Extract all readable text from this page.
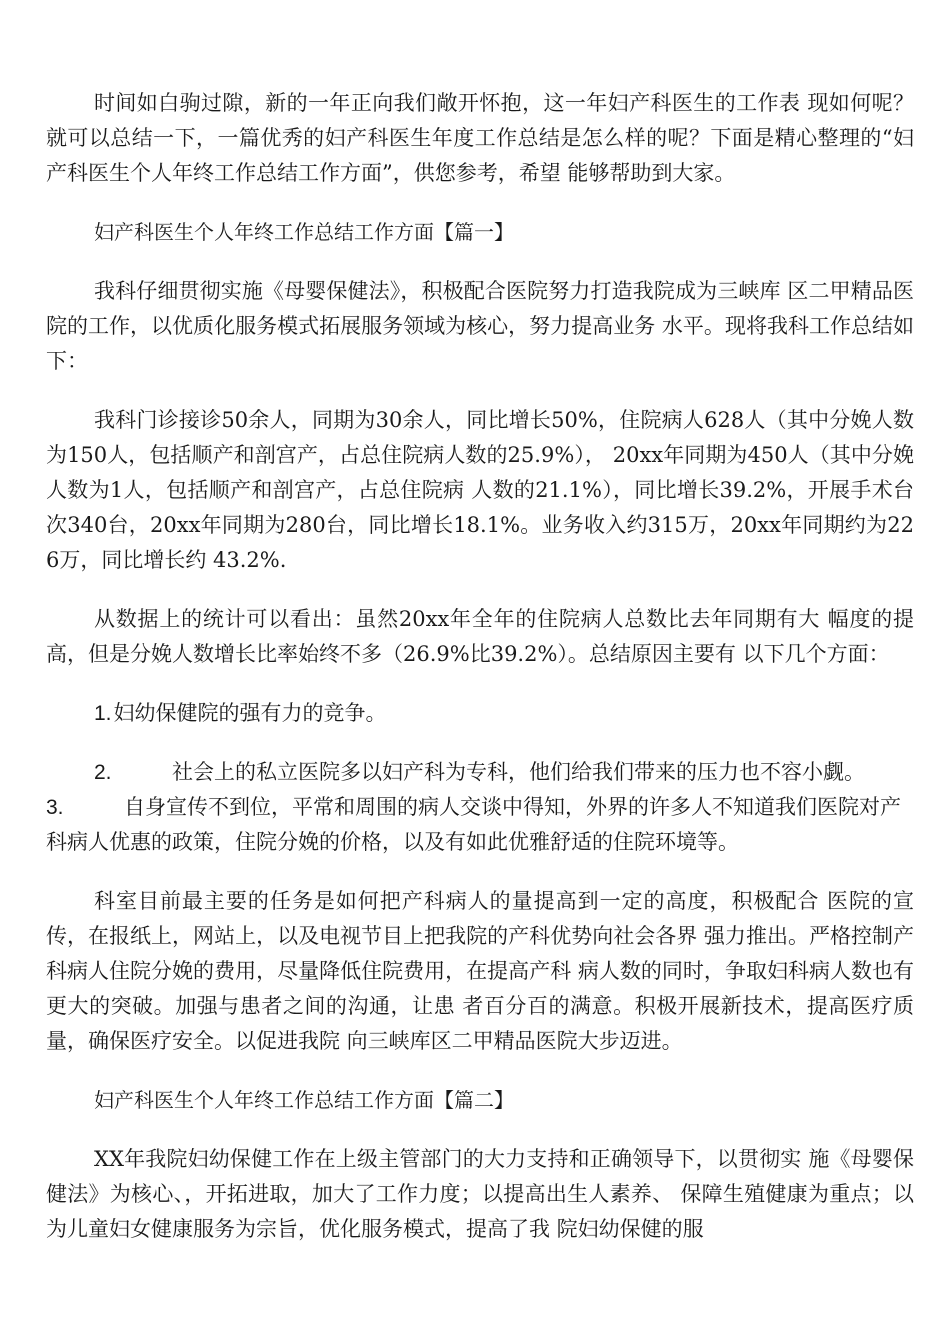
时间如白驹过隙，新的一年正向我们敞开怀抱，这一年妇产科医生的工作表 现如何呢？就可以总结一下，一篇优秀的妇产科医生年度工作总结是怎么样的呢？下面是精心整理的“妇产科医生个人年终工作总结工作方面”，供您参考，希望 能够帮助到大家。

妇产科医生个人年终工作总结工作方面【篇一】

我科仔细贯彻实施《母婴保健法》，积极配合医院努力打造我院成为三峡库 区二甲精品医院的工作，以优质化服务模式拓展服务领域为核心，努力提高业务 水平。现将我科工作总结如下：

我科门诊接诊50余人，同期为30余人，同比增长50%，住院病人628人（其中分娩人数为150人，包括顺产和剖宫产，占总住院病人数的25.9%）， 20xx年同期为450人（其中分娩人数为1人，包括顺产和剖宫产，占总住院病 人数的21.1%），同比增长39.2%，开展手术台次340台，20xx年同期为280台，同比增长18.1%。业务收入约315万，20xx年同期约为226万，同比增长约 43.2%.

从数据上的统计可以看出：虽然20xx年全年的住院病人总数比去年同期有大 幅度的提高，但是分娩人数增长比率始终不多（26.9%比39.2%）。总结原因主要有 以下几个方面：

1.妇幼保健院的强有力的竞争。

2.	社会上的私立医院多以妇产科为专科，他们给我们带来的压力也不容小觑。

3.	自身宣传不到位，平常和周围的病人交谈中得知，外界的许多人不知道我们医院对产科病人优惠的政策，住院分娩的价格，以及有如此优雅舒适的住院环境等。

科室目前最主要的任务是如何把产科病人的量提高到一定的高度，积极配合 医院的宣传，在报纸上，网站上，以及电视节目上把我院的产科优势向社会各界 强力推出。严格控制产科病人住院分娩的费用，尽量降低住院费用，在提高产科 病人数的同时，争取妇科病人数也有更大的突破。加强与患者之间的沟通，让患 者百分百的满意。积极开展新技术，提高医疗质量，确保医疗安全。以促进我院 向三峡库区二甲精品医院大步迈进。

妇产科医生个人年终工作总结工作方面【篇二】

XX年我院妇幼保健工作在上级主管部门的大力支持和正确领导下，以贯彻实 施《母婴保健法》为核心、，开拓进取，加大了工作力度；以提高出生人素养、 保障生殖健康为重点；以为儿童妇女健康服务为宗旨，优化服务模式，提高了我 院妇幼保健的服
